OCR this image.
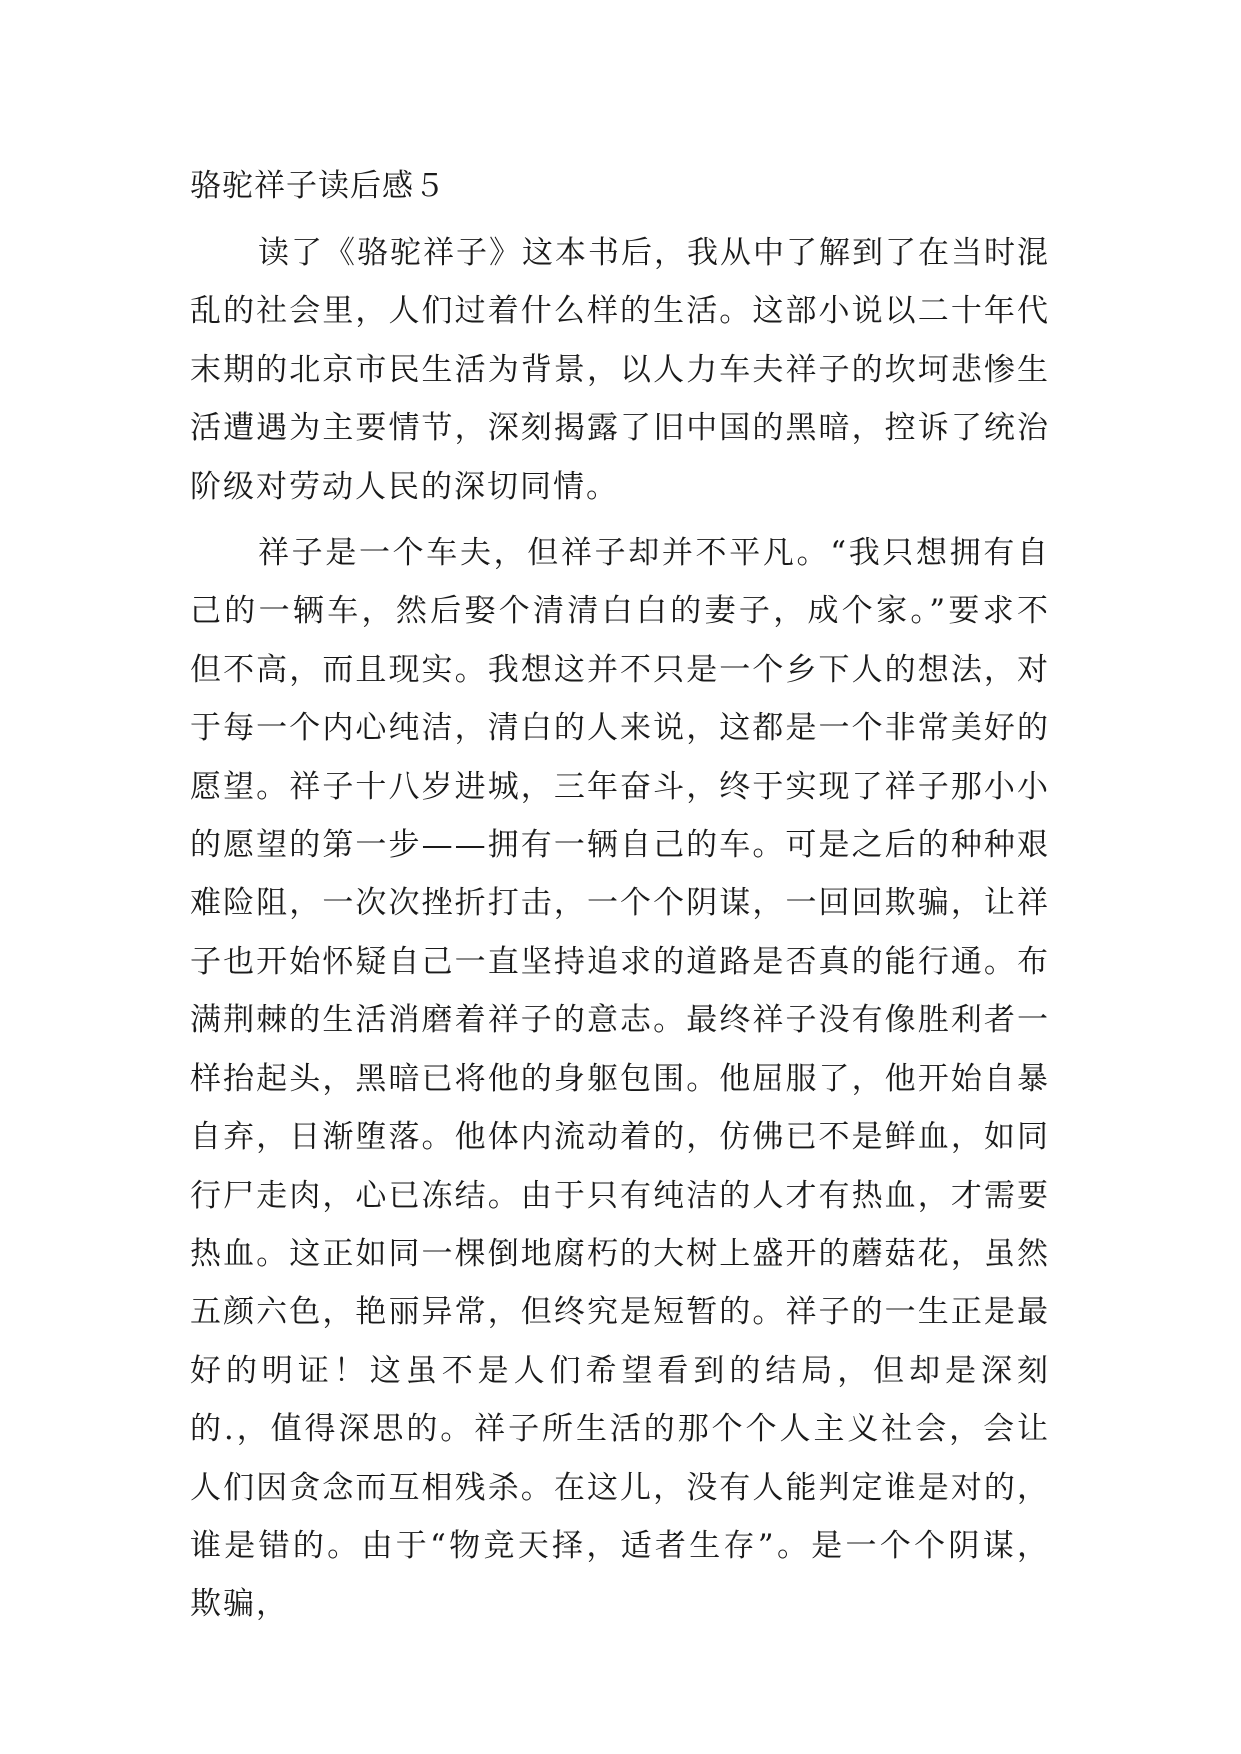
骆驼祥子读后感５

读了《骆驼祥子》这本书后，我从中了解到了在当时混乱的社会里，人们过着什么样的生活。这部小说以二十年代末期的北京市民生活为背景，以人力车夫祥子的坎坷悲惨生活遭遇为主要情节，深刻揭露了旧中国的黑暗，控诉了统治阶级对劳动人民的深切同情。

祥子是一个车夫，但祥子却并不平凡。“我只想拥有自己的一辆车，然后娶个清清白白的妻子，成个家。”要求不但不高，而且现实。我想这并不只是一个乡下人的想法，对于每一个内心纯洁，清白的人来说，这都是一个非常美好的愿望。祥子十八岁进城，三年奋斗，终于实现了祥子那小小的愿望的第一步——拥有一辆自己的车。可是之后的种种艰难险阻，一次次挫折打击，一个个阴谋，一回回欺骗，让祥子也开始怀疑自己一直坚持追求的道路是否真的能行通。布满荆棘的生活消磨着祥子的意志。最终祥子没有像胜利者一样抬起头，黑暗已将他的身躯包围。他屈服了，他开始自暴自弃，日渐堕落。他体内流动着的，仿佛已不是鲜血，如同行尸走肉，心已冻结。由于只有纯洁的人才有热血，才需要热血。这正如同一棵倒地腐朽的大树上盛开的蘑菇花，虽然五颜六色，艳丽异常，但终究是短暂的。祥子的一生正是最好的明证！这虽不是人们希望看到的结局，但却是深刻的.，值得深思的。祥子所生活的那个个人主义社会，会让人们因贪念而互相残杀。在这儿，没有人能判定谁是对的，谁是错的。由于“物竞天择，适者生存”。是一个个阴谋，欺骗，
